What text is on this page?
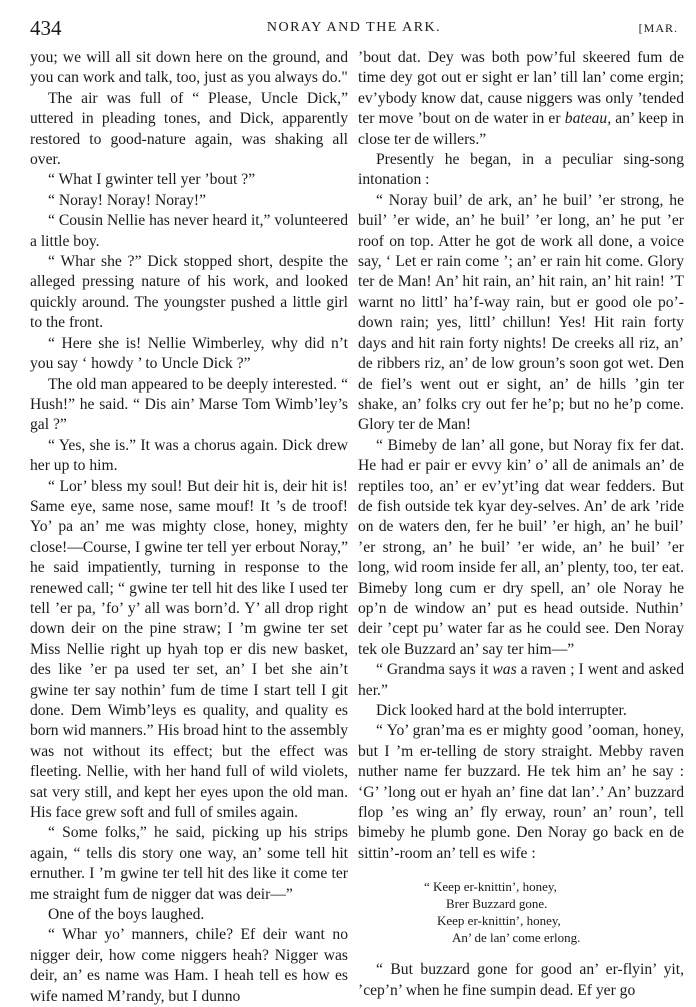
434	NORAY AND THE ARK.	[MAR.

you; we will all sit down here on the ground, and you can work and talk, too, just as you always do."

The air was full of “ Please, Uncle Dick,” uttered in pleading tones, and Dick, apparently restored to good-nature again, was shaking all over.

“ What I gwinter tell yer ’bout ?”

“ Noray! Noray! Noray!”

“ Cousin Nellie has never heard it,” volunteered a little boy.

“ Whar she ?” Dick stopped short, despite the alleged pressing nature of his work, and looked quickly around. The youngster pushed a little girl to the front.

“ Here she is! Nellie Wimberley, why did n’t you say ‘ howdy ’ to Uncle Dick ?”

The old man appeared to be deeply interested. “ Hush!” he said. “ Dis ain’ Marse Tom Wimb’ley’s gal ?”

“ Yes, she is.” It was a chorus again. Dick drew her up to him.

“ Lor’ bless my soul! But deir hit is, deir hit is! Same eye, same nose, same mouf! It ’s de troof! Yo’ pa an’ me was mighty close, honey, mighty close!—Course, I gwine ter tell yer erbout Noray,” he said impatiently, turning in response to the renewed call; “ gwine ter tell hit des like I used ter tell ’er pa, ’fo’ y’ all was born’d. Y’ all drop right down deir on the pine straw; I ’m gwine ter set Miss Nellie right up hyah top er dis new basket, des like ’er pa used ter set, an’ I bet she ain’t gwine ter say nothin’ fum de time I start tell I git done. Dem Wimb’leys es quality, and quality es born wid manners.” His broad hint to the assembly was not without its effect; but the effect was fleeting. Nellie, with her hand full of wild violets, sat very still, and kept her eyes upon the old man. His face grew soft and full of smiles again.

“ Some folks,” he said, picking up his strips again, “ tells dis story one way, an’ some tell hit ernuther. I ’m gwine ter tell hit des like it come ter me straight fum de nigger dat was deir—”

One of the boys laughed.

“ Whar yo’ manners, chile? Ef deir want no nigger deir, how come niggers heah? Nigger was deir, an’ es name was Ham. I heah tell es how es wife named M’randy, but I dunno

’bout dat. Dey was both pow’ful skeered fum de time dey got out er sight er lan’ till lan’ come ergin; ev’ybody know dat, cause niggers was only ’tended ter move ’bout on de water in er bateau, an’ keep in close ter de willers.”

Presently he began, in a peculiar sing-song intonation :

“ Noray buil’ de ark, an’ he buil’ ’er strong, he buil’ ’er wide, an’ he buil’ ’er long, an’ he put ’er roof on top. Atter he got de work all done, a voice say, ‘ Let er rain come ’; an’ er rain hit come. Glory ter de Man! An’ hit rain, an’ hit rain, an’ hit rain! ’T warnt no littl’ ha’f-way rain, but er good ole po’-down rain; yes, littl’ chillun! Yes! Hit rain forty days and hit rain forty nights! De creeks all riz, an’ de ribbers riz, an’ de low groun’s soon got wet. Den de fiel’s went out er sight, an’ de hills ’gin ter shake, an’ folks cry out fer he’p; but no he’p come. Glory ter de Man!

“ Bimeby de lan’ all gone, but Noray fix fer dat. He had er pair er evvy kin’ o’ all de animals an’ de reptiles too, an’ er ev’yt’ing dat wear fedders. But de fish outside tek kyar dey-selves. An’ de ark ’ride on de waters den, fer he buil’ ’er high, an’ he buil’ ’er strong, an’ he buil’ ’er wide, an’ he buil’ ’er long, wid room inside fer all, an’ plenty, too, ter eat. Bimeby long cum er dry spell, an’ ole Noray he op’n de window an’ put es head outside. Nuthin’ deir ’cept pu’ water far as he could see. Den Noray tek ole Buzzard an’ say ter him—”

“ Grandma says it was a raven ; I went and asked her.”

Dick looked hard at the bold interrupter.

“ Yo’ gran’ma es er mighty good ’ooman, honey, but I ’m er-telling de story straight. Mebby raven nuther name fer buzzard. He tek him an’ he say : ‘G’ ’long out er hyah an’ fine dat lan’.’ An’ buzzard flop ’es wing an’ fly erway, roun’ an’ roun’, tell bimeby he plumb gone. Den Noray go back en de sittin’-room an’ tell es wife :

“ Keep er-knittin’, honey,
Brer Buzzard gone.
Keep er-knittin’, honey,
An’ de lan’ come erlong.

“ But buzzard gone for good an’ er-flyin’ yit, ’cep’n’ when he fine sumpin dead. Ef yer go
